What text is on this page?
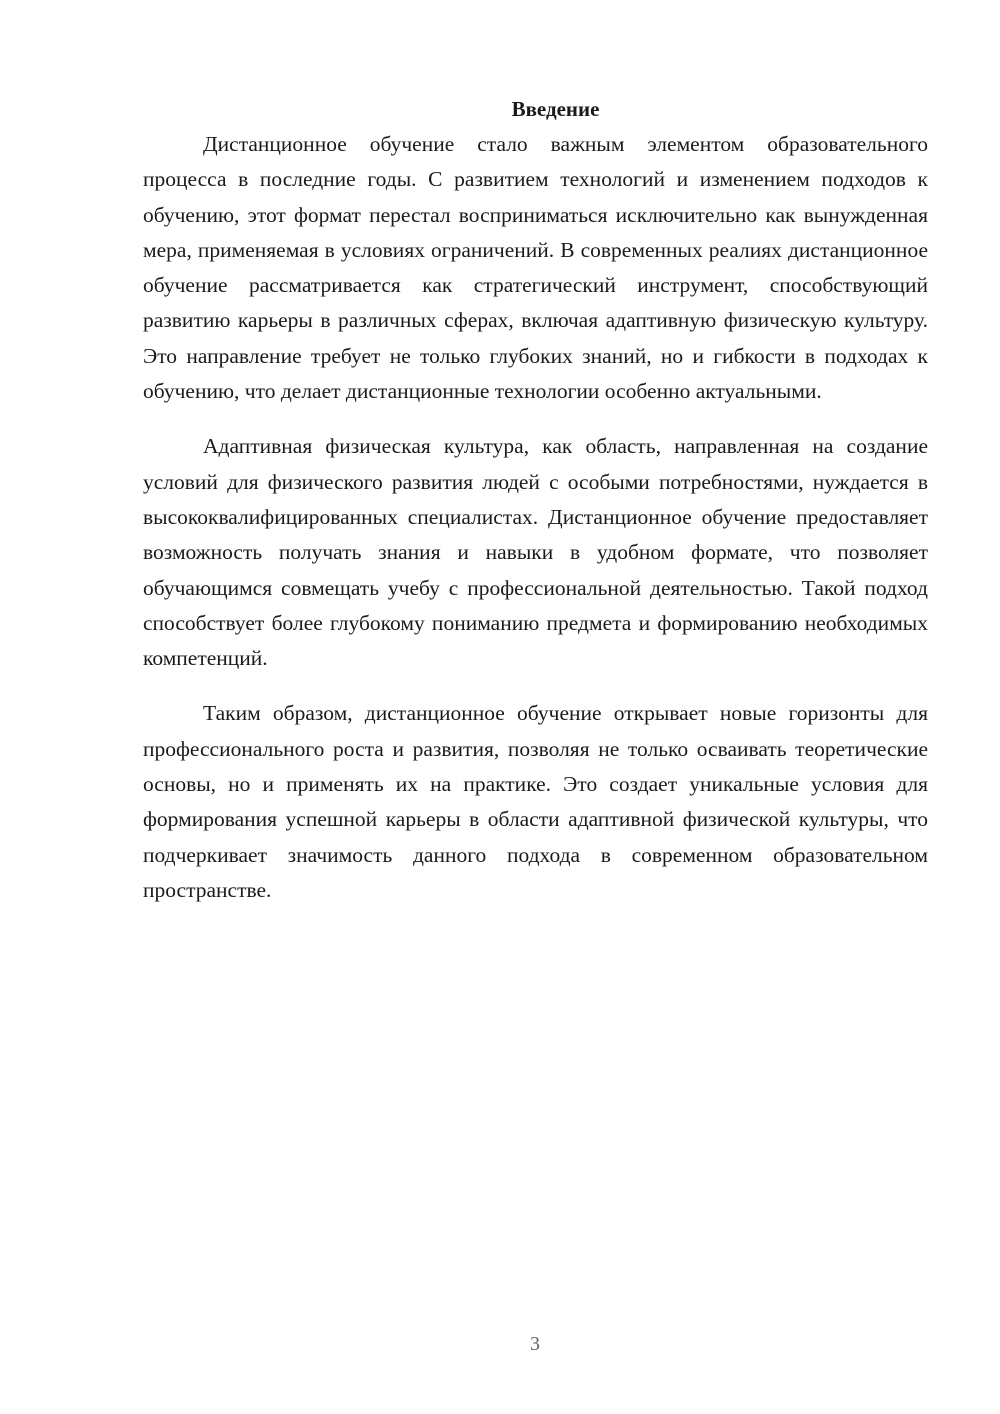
Введение

Дистанционное обучение стало важным элементом образовательного процесса в последние годы. С развитием технологий и изменением подходов к обучению, этот формат перестал восприниматься исключительно как вынужденная мера, применяемая в условиях ограничений. В современных реалиях дистанционное обучение рассматривается как стратегический инструмент, способствующий развитию карьеры в различных сферах, включая адаптивную физическую культуру. Это направление требует не только глубоких знаний, но и гибкости в подходах к обучению, что делает дистанционные технологии особенно актуальными.

Адаптивная физическая культура, как область, направленная на создание условий для физического развития людей с особыми потребностями, нуждается в высококвалифицированных специалистах. Дистанционное обучение предоставляет возможность получать знания и навыки в удобном формате, что позволяет обучающимся совмещать учебу с профессиональной деятельностью. Такой подход способствует более глубокому пониманию предмета и формированию необходимых компетенций.

Таким образом, дистанционное обучение открывает новые горизонты для профессионального роста и развития, позволяя не только осваивать теоретические основы, но и применять их на практике. Это создает уникальные условия для формирования успешной карьеры в области адаптивной физической культуры, что подчеркивает значимость данного подхода в современном образовательном пространстве.

3
